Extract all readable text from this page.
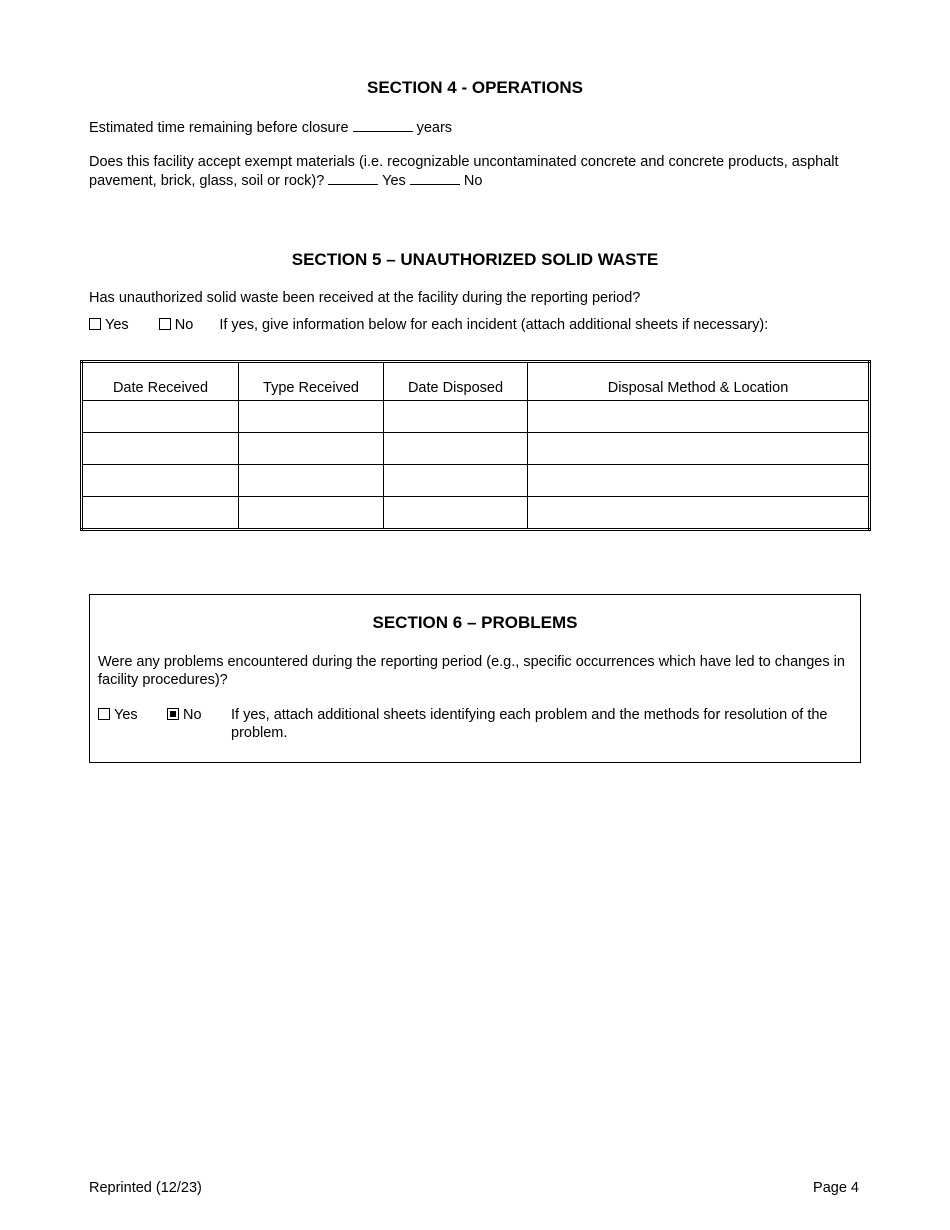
SECTION 4 - OPERATIONS
Estimated time remaining before closure	years
Does this facility accept exempt materials (i.e. recognizable uncontaminated concrete and concrete products, asphalt pavement, brick, glass, soil or rock)?	Yes	No
SECTION 5 – UNAUTHORIZED SOLID WASTE
Has unauthorized solid waste been received at the facility during the reporting period?
Yes	No If yes, give information below for each incident (attach additional sheets if necessary):
Date Received	Type Received	Date Disposed	Disposal Method & Location

SECTION 6 – PROBLEMS
Were any problems encountered during the reporting period (e.g., specific occurrences which have led to changes in facility procedures)?
Yes	No If yes, attach additional sheets identifying each problem and the methods for resolution of the problem.
Reprinted (12/23)	Page 4
